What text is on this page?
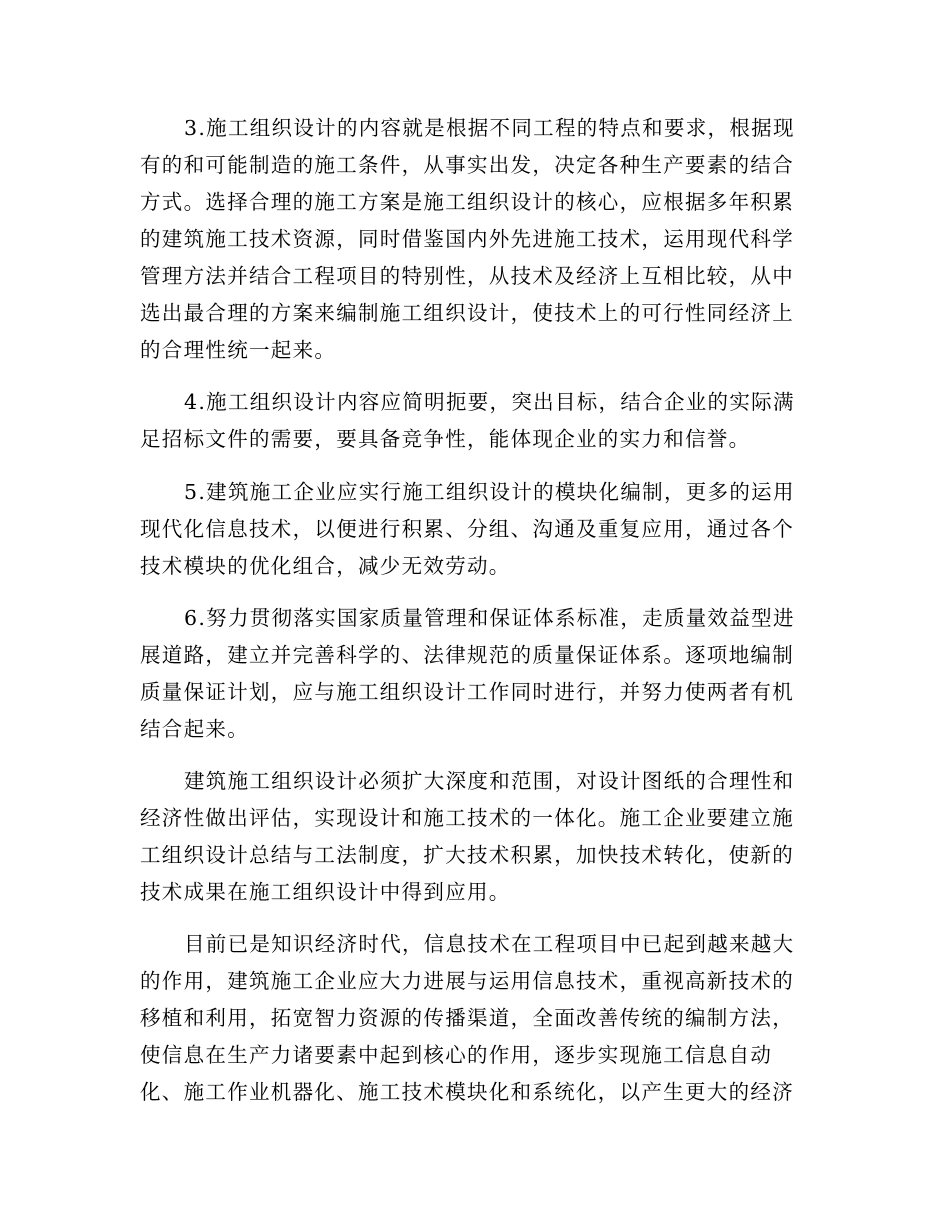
3.施工组织设计的内容就是根据不同工程的特点和要求，根据现
有的和可能制造的施工条件，从事实出发，决定各种生产要素的结合
方式。选择合理的施工方案是施工组织设计的核心，应根据多年积累
的建筑施工技术资源，同时借鉴国内外先进施工技术，运用现代科学
管理方法并结合工程项目的特别性，从技术及经济上互相比较，从中
选出最合理的方案来编制施工组织设计，使技术上的可行性同经济上
的合理性统一起来。
4.施工组织设计内容应简明扼要，突出目标，结合企业的实际满
足招标文件的需要，要具备竞争性，能体现企业的实力和信誉。
5.建筑施工企业应实行施工组织设计的模块化编制，更多的运用
现代化信息技术，以便进行积累、分组、沟通及重复应用，通过各个
技术模块的优化组合，减少无效劳动。
6.努力贯彻落实国家质量管理和保证体系标准，走质量效益型进
展道路，建立并完善科学的、法律规范的质量保证体系。逐项地编制
质量保证计划，应与施工组织设计工作同时进行，并努力使两者有机
结合起来。
建筑施工组织设计必须扩大深度和范围，对设计图纸的合理性和
经济性做出评估，实现设计和施工技术的一体化。施工企业要建立施
工组织设计总结与工法制度，扩大技术积累，加快技术转化，使新的
技术成果在施工组织设计中得到应用。
目前已是知识经济时代，信息技术在工程项目中已起到越来越大
的作用，建筑施工企业应大力进展与运用信息技术，重视高新技术的
移植和利用，拓宽智力资源的传播渠道，全面改善传统的编制方法，
使信息在生产力诸要素中起到核心的作用，逐步实现施工信息自动
化、施工作业机器化、施工技术模块化和系统化，以产生更大的经济
